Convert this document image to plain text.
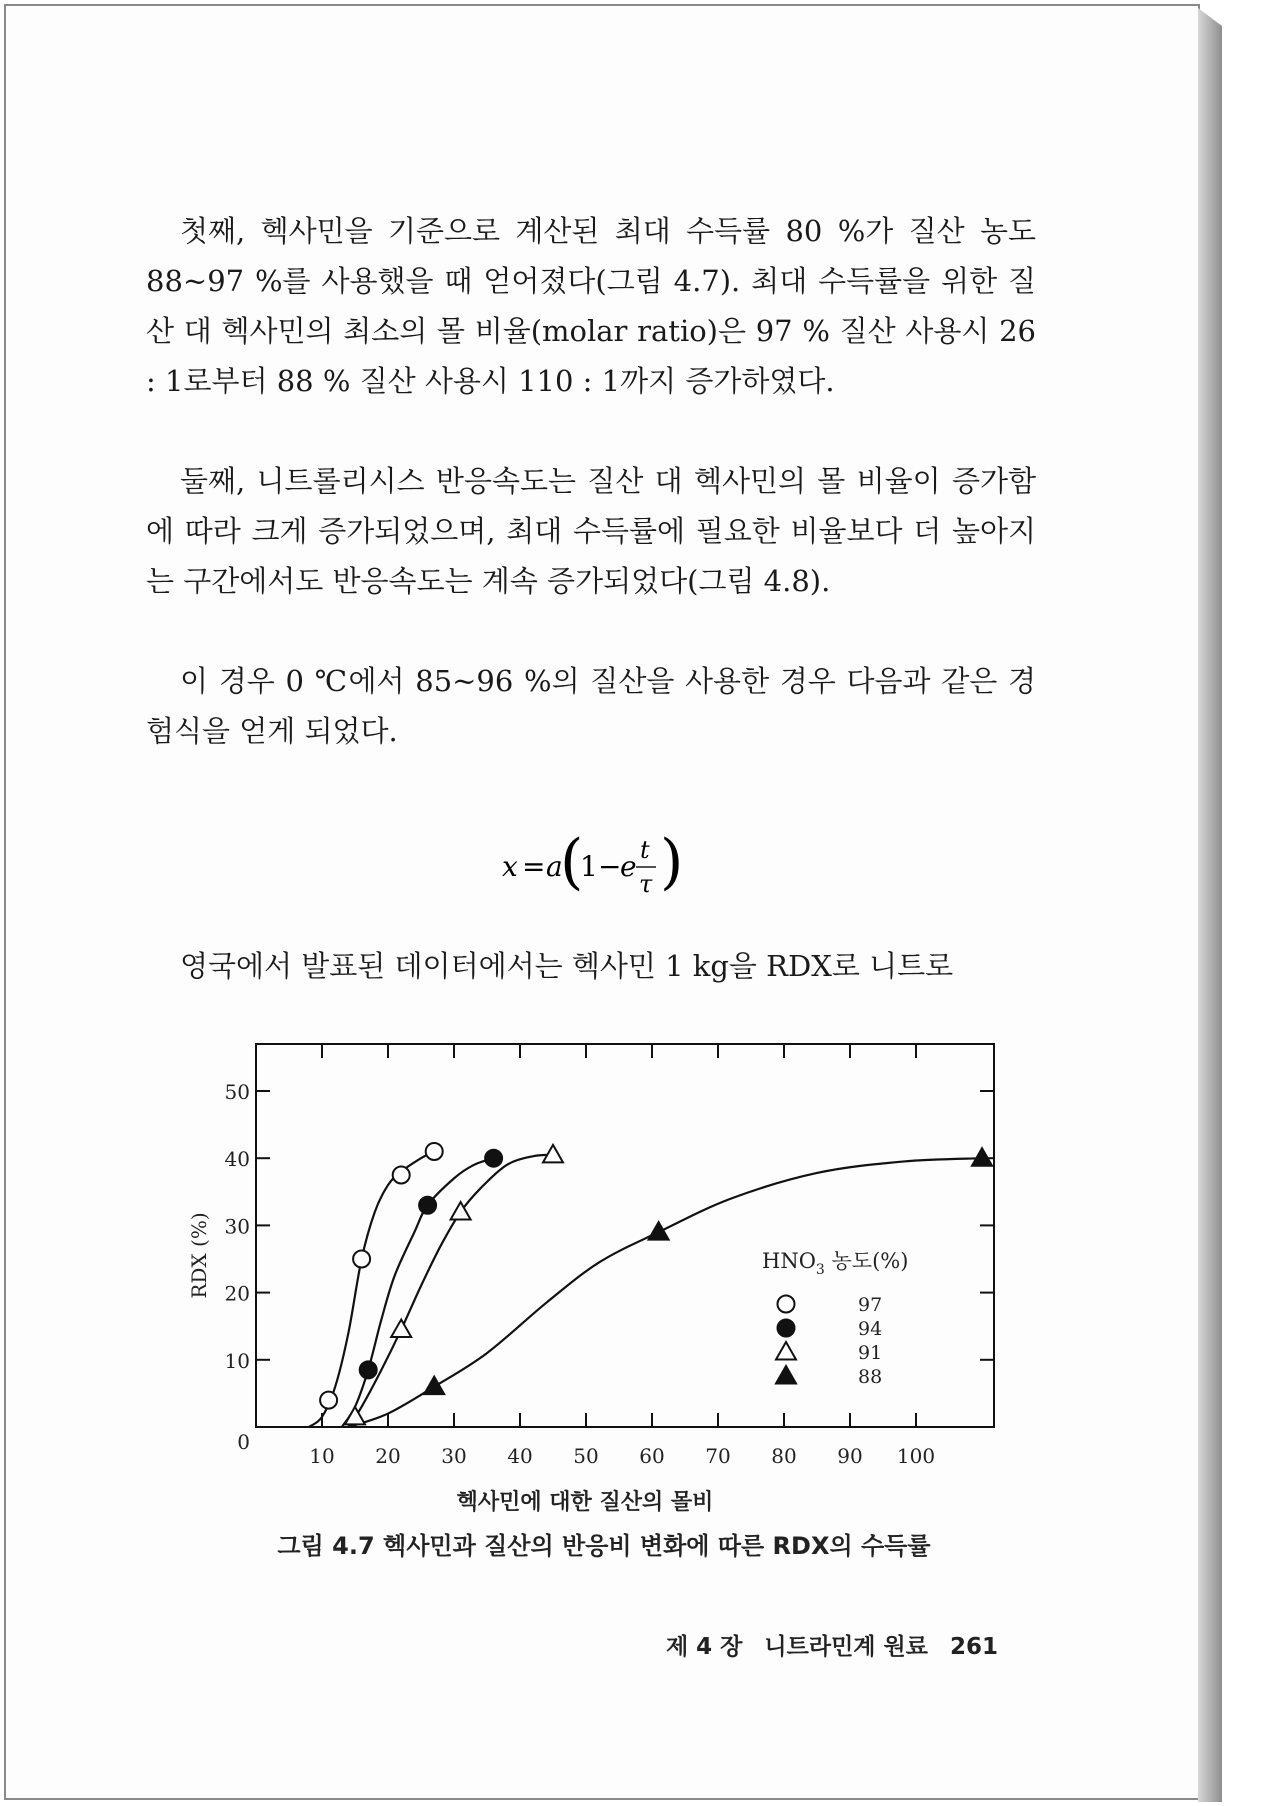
첫째, 헥사민을 기준으로 계산된 최대 수득률 80 %가 질산 농도 88~97 %를 사용했을 때 얻어졌다(그림 4.7). 최대 수득률을 위한 질산 대 헥사민의 최소의 몰 비율(molar ratio)은 97 % 질산 사용시 26 : 1로부터 88 % 질산 사용시 110 : 1까지 증가하였다.

둘째, 니트롤리시스 반응속도는 질산 대 헥사민의 몰 비율이 증가함에 따라 크게 증가되었으며, 최대 수득률에 필요한 비율보다 더 높아지는 구간에서도 반응속도는 계속 증가되었다(그림 4.8).

이 경우 0 ℃에서 85~96 %의 질산을 사용한 경우 다음과 같은 경험식을 얻게 되었다.

x = a
(
1 −
e t
τ )

영국에서 발표된 데이터에서는 헥사민 1 kg을 RDX로 니트로

10 20 30 40 50 60 70 80 90 100
0
10
20
30
40
50
헥사민에 대한 질산의 몰비
RDX (%)	$HNO_3$ 농도(%)
97
94
91
88
그림 4.7 헥사민과 질산의 반응비 변화에 따른 RDX의 수득률
제 4 장 니트라민계 원료 261
